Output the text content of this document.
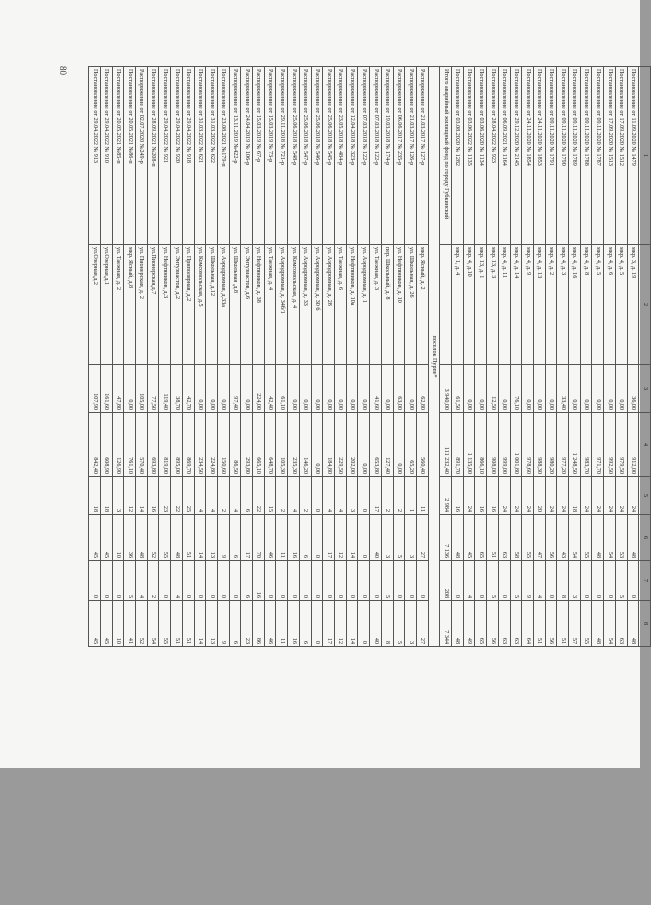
80
1	2	3	4	5	6	7	8
Постановление от 11.09.2020 № 1479	мкр. 3, д. 19	36,00	912,00	24	48	0	48
Постановление от 17.09.2020 № 1512	мкр. 4, д. 5	0,00	979,50	24	53	5	63
Постановление от 17.09.2020 № 1513	мкр. 4, д. 6	0,00	992,50	24	54	0	54
Постановление от 09.11.2020 № 1787	мкр. 4, д. 5	0,00	971,70	24	48	0	48
Постановление от 09.11.2020 № 1788	мкр. 4, д. 8	0,00	983,70	24	55	0	55
Постановление от 09.11.2020 № 1789	мкр. 4, д. 16	0,00	1 248,50	18	54	3	57
Постановление от 09.11.2020 № 1790	мкр. 4, д. 3	33,40	977,20	24	43	8	51
Постановление от 09.11.2020 № 1791	мкр. 4, д. 2	0,00	980,20	24	56	0	56
Постановление от 24.11.2020 № 1853	мкр. 4, д. 13	0,00	988,30	20	47	4	51
Постановление от 24.11.2020 № 1854	мкр. 4, д. 9	0,00	978,60	24	55	9	64
Постановление от 29.12.2020 № 2145	мкр. 4, д. 14	76,10	1 001,80	24	58	5	63
Постановление от 06.09.2021 № 1164	мкр. 4, д. 11	0,00	999,00	24	63	0	63
Постановление от 28.04.2022 № 923	мкр. 13, д. 3	12,50	908,00	16	51	5	56
Постановление от 03.06.2020 № 1134	мкр. 13, д. 1	0,00	866,10	16	65	0	65
Постановление от 03.06.2022 № 1135	мкр. 4, д.10	0,00	1 135,00	24	45	4	49
Постановление от 03.08.2020 № 1282	мкр. 1, д. 4	61,50	891,70	16	48	0	48
Итого аварийный жилищный фонд по городу Губкинский		3 940,00	111 232,40	2 984	7 136	208	7 344
поселок Пурпе*							
Распоряжение от 21.03.2017 № 127-р	мкр. Ясный, д. 2	62,80	560,40	11	27	0	27
Распоряжение от 21.03.2017 № 126-р	ул. Школьная, д. 26	0,00	65,20	1	3	0	3
Распоряжение от 06.06.2017 № 235-р	ул. Нефтяников, д. 10	63,00	0,00	2	5	0	5
Распоряжение от 19.03.2018 № 174-р	пер. Школьный, д. 8	0,00	127,40	2	3	5	8
Распоряжение от 07.03.2018 № 122-р	ул. Таежная, д. 3	41,60	653,80	17	40	0	40
Распоряжение от 07.03.2018 № 122-р	ул. Аэродромная, д. 1	0,00	0,00	0	0	0	0
Распоряжение от 12.04.2018 № 323-р	ул. Нефтяников, д. 10а	0,00	202,00	3	14	0	14
Распоряжение от 23.05.2018 № 484-р	ул. Таежная, д. 6	0,00	229,50	4	12	0	12
Распоряжение от 25.06.2018 № 545-р	ул. Аэродромная, д. 28	0,00	184,80	4	17	0	17
Распоряжение от 25.06.2018 № 546-р	ул. Аэродромная, д. 30 б	0,00	0,00	0	0	0	0
Распоряжение от 25.06.2018 № 547-р	ул. Аэродромная, д. 33	0,00	146,20	2	6	0	6
Распоряжение от 25.06.2018 № 548-р	ул. Комсомольская, д. 4	0,00	235,30	4	16	0	16
Распоряжение от 29.11.2018 № 721-р	ул. Аэродромная, д. 34б/1	61,10	105,30	2	11	0	11
Распоряжение от 15.03.2019 № 73-р	ул. Таежная, д. 4	42,40	648,70	15	46	0	46
Распоряжение от 15.03.2019 № 67-р	ул. Нефтяников, д. 38	224,00	665,10	22	70	16	86
Распоряжение от 24.04.2019 № 106-р	ул. Энтузиастов, д.6	0,00	293,80	6	17	6	23
Распоряжение от 13.11.2019 №422-р	ул. Школьная ,д.8	97,40	86,50	4	6	0	6
Постановление от 23.08.2021 №179-п	ул. Аэродромная, д.33а	0,00	150,60	2	9	0	9
Постановление от 31.03.2022 № 622	ул. Школьная, д.12	0,00	224,80	4	13	0	13
Постановление от 31.03.2022 № 621	ул. Комсомольская, д.5	0,00	234,50	4	14	0	14
Постановление от 29.04.2022 № 918	ул. Приполярная, д.2	42,70	869,70	25	51	0	51
Постановление от 29.04.2022 № 920	ул. Энтузиастов, д.2	38,70	895,00	22	48	4	51
Постановление от 29.04.2022 № 921	ул. Нефтяников, д.3	119,40	819,00	23	55	0	55
Постановление от 28.09.2021 №208-п	ул.Пионерская,д.7	77,50	693,80	16	52	2	54
Распоряжение от 02.07.2020 №249-р	ул. Пионерская, д. 2	105,00	570,40	14	48	4	52
Постановление от 20.05.2021 №86-п	мкр. Ясный, д.8	0,00	761,10	12	36	5	41
Постановление от 20.05.2021 №85-п	ул. Таежная, д. 2	47,80	126,90	3	10	0	10
Постановление от 29.04.2022 № 910	ул.Озерная,д.1	161,60	608,90	18	45	0	45
Постановление от 29.04.2022 № 913	ул.Озерная,д.2	107,90	842,40	18	45	0	45
